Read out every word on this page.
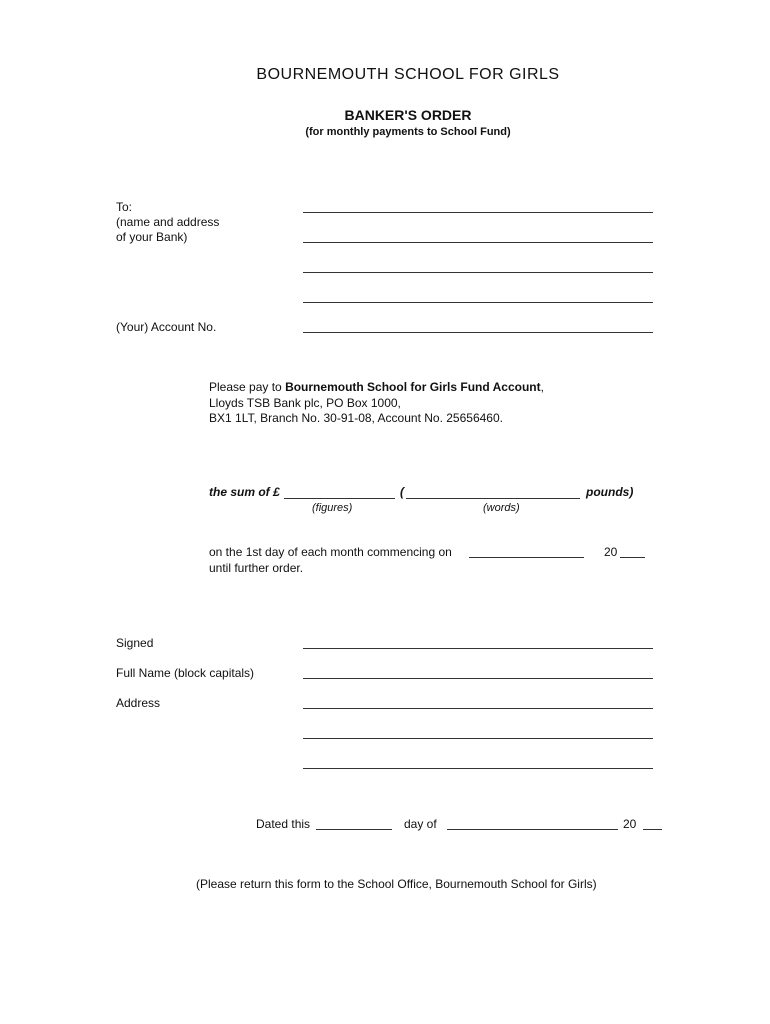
BOURNEMOUTH SCHOOL FOR GIRLS
BANKER'S ORDER
(for monthly payments to School Fund)
To:
(name and address
of your Bank)
(Your) Account No.
Please pay to Bournemouth School for Girls Fund Account,
Lloyds TSB Bank plc, PO Box 1000,
BX1 1LT, Branch No. 30-91-08, Account No. 25656460.
the sum of £	(	pounds)
(figures)	(words)
on the 1st day of each month commencing on	20
until further order.
Signed
Full Name (block capitals)
Address
Dated this	day of	20
(Please return this form to the School Office, Bournemouth School for Girls)
